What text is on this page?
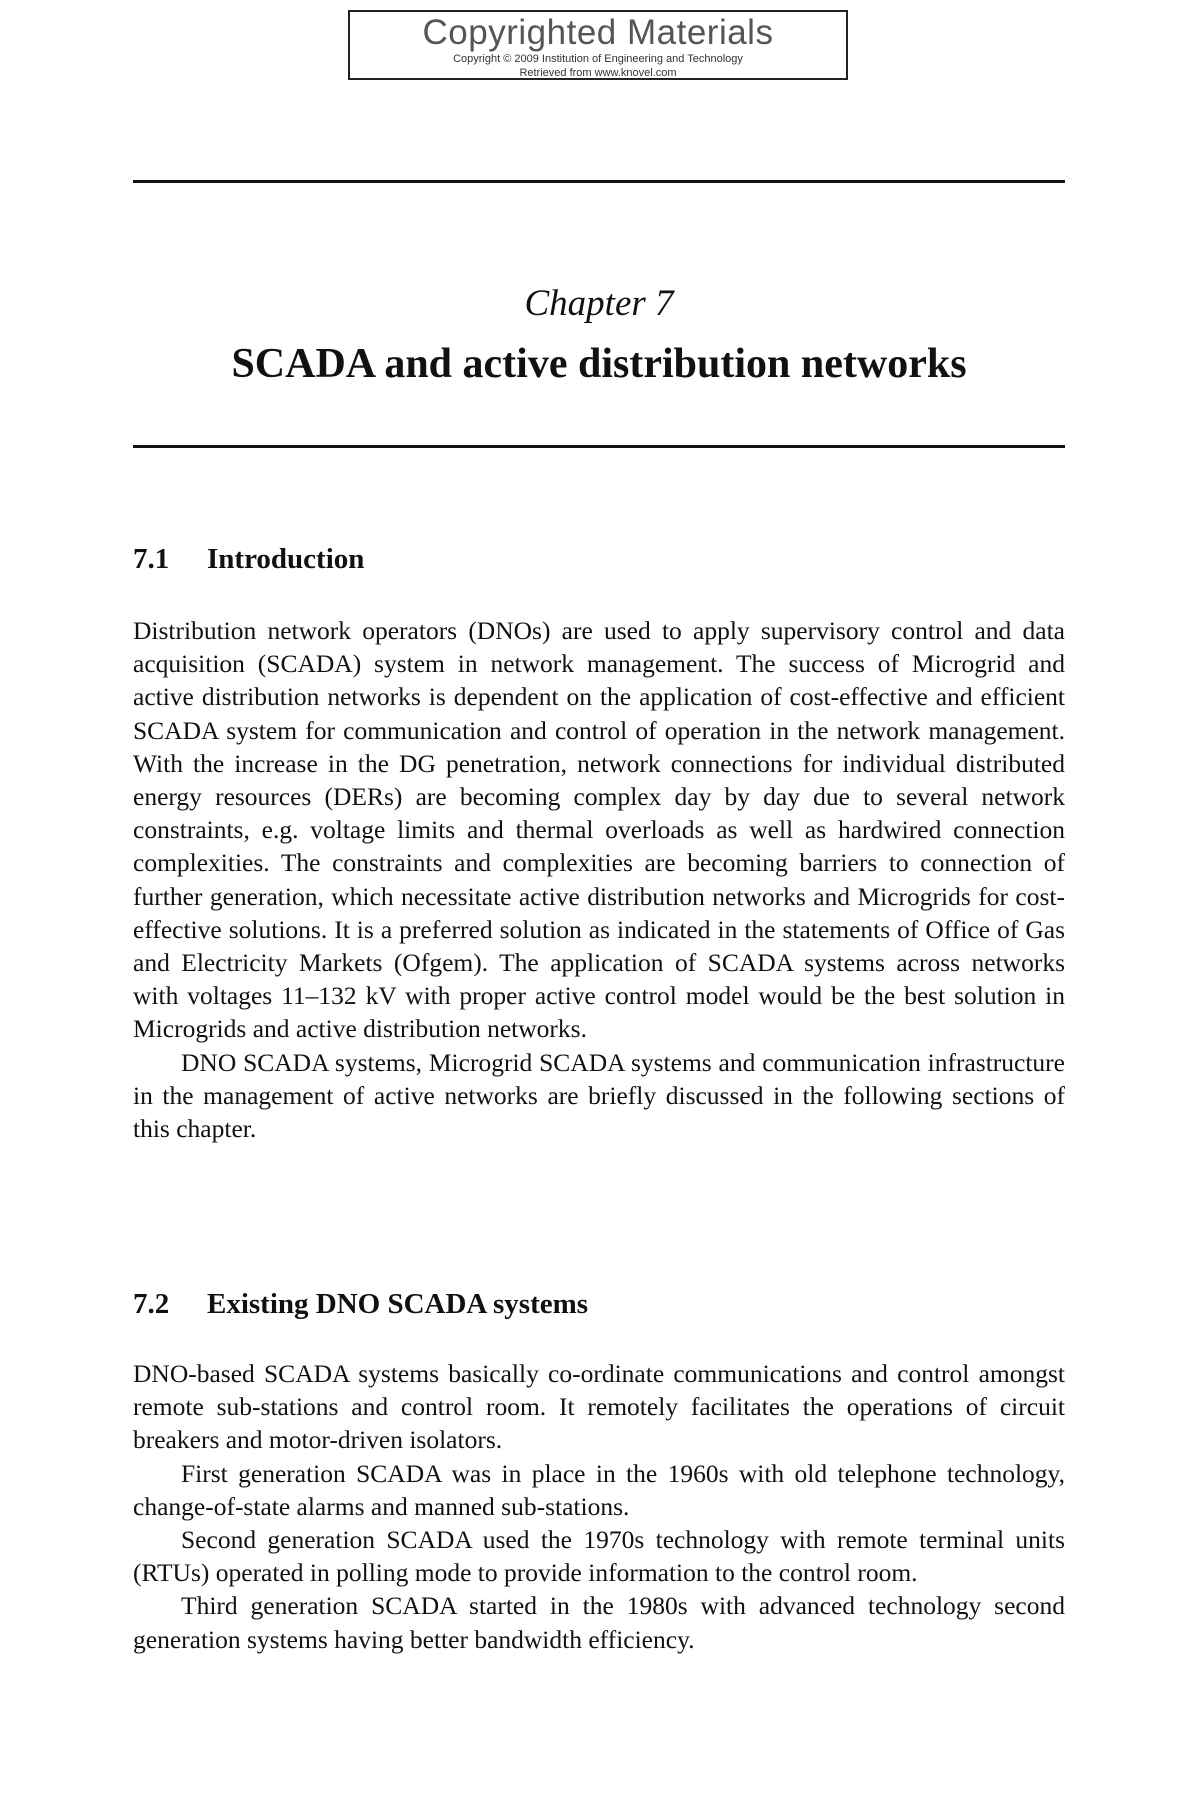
Copyrighted Materials
Copyright © 2009 Institution of Engineering and Technology
Retrieved from www.knovel.com
Chapter 7
SCADA and active distribution networks
7.1 Introduction

Distribution network operators (DNOs) are used to apply supervisory control and data acquisition (SCADA) system in network management. The success of Microgrid and active distribution networks is dependent on the application of cost-effective and efficient SCADA system for communication and control of operation in the network management. With the increase in the DG penetration, network connections for individual distributed energy resources (DERs) are becoming complex day by day due to several network constraints, e.g. voltage limits and thermal overloads as well as hardwired connection complexities. The constraints and complexities are becoming barriers to connection of further generation, which necessitate active distribution networks and Microgrids for cost-effective solutions. It is a preferred solution as indicated in the statements of Office of Gas and Electricity Markets (Ofgem). The application of SCADA systems across networks with voltages 11–132 kV with proper active control model would be the best solution in Microgrids and active distribution networks.

DNO SCADA systems, Microgrid SCADA systems and communication infrastructure in the management of active networks are briefly discussed in the following sections of this chapter.

7.2 Existing DNO SCADA systems

DNO-based SCADA systems basically co-ordinate communications and control amongst remote sub-stations and control room. It remotely facilitates the operations of circuit breakers and motor-driven isolators.

First generation SCADA was in place in the 1960s with old telephone technology, change-of-state alarms and manned sub-stations.

Second generation SCADA used the 1970s technology with remote terminal units (RTUs) operated in polling mode to provide information to the control room.

Third generation SCADA started in the 1980s with advanced technology second generation systems having better bandwidth efficiency.
